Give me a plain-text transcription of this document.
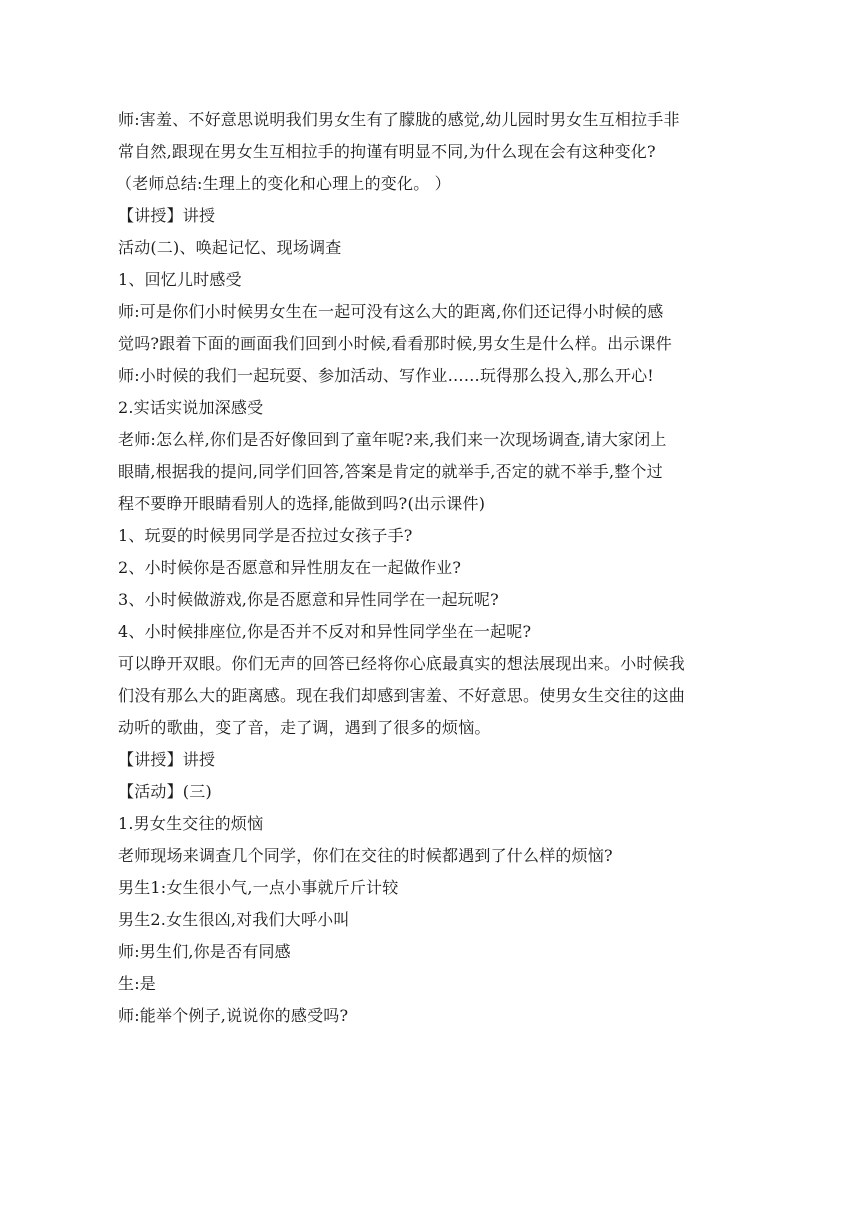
师:害羞、不好意思说明我们男女生有了朦胧的感觉,幼儿园时男女生互相拉手非
常自然,跟现在男女生互相拉手的拘谨有明显不同,为什么现在会有这种变化?
（老师总结:生理上的变化和心理上的变化。 ）
【讲授】讲授
活动(二)、唤起记忆、现场调查
1、回忆儿时感受
师:可是你们小时候男女生在一起可没有这么大的距离,你们还记得小时候的感
觉吗?跟着下面的画面我们回到小时候,看看那时候,男女生是什么样。出示课件
师:小时候的我们一起玩耍、参加活动、写作业……玩得那么投入,那么开心!
2.实话实说加深感受
老师:怎么样,你们是否好像回到了童年呢?来,我们来一次现场调查,请大家闭上
眼睛,根据我的提问,同学们回答,答案是肯定的就举手,否定的就不举手,整个过
程不要睁开眼睛看别人的选择,能做到吗?(出示课件)
1、玩耍的时候男同学是否拉过女孩子手?
2、小时候你是否愿意和异性朋友在一起做作业?
3、小时候做游戏,你是否愿意和异性同学在一起玩呢?
4、小时候排座位,你是否并不反对和异性同学坐在一起呢?
可以睁开双眼。你们无声的回答已经将你心底最真实的想法展现出来。小时候我
们没有那么大的距离感。现在我们却感到害羞、不好意思。使男女生交往的这曲
动听的歌曲，变了音，走了调，遇到了很多的烦恼。
【讲授】讲授
【活动】(三)
1.男女生交往的烦恼
老师现场来调查几个同学，你们在交往的时候都遇到了什么样的烦恼?
男生1:女生很小气,一点小事就斤斤计较
男生2.女生很凶,对我们大呼小叫
师:男生们,你是否有同感
生:是
师:能举个例子,说说你的感受吗?
